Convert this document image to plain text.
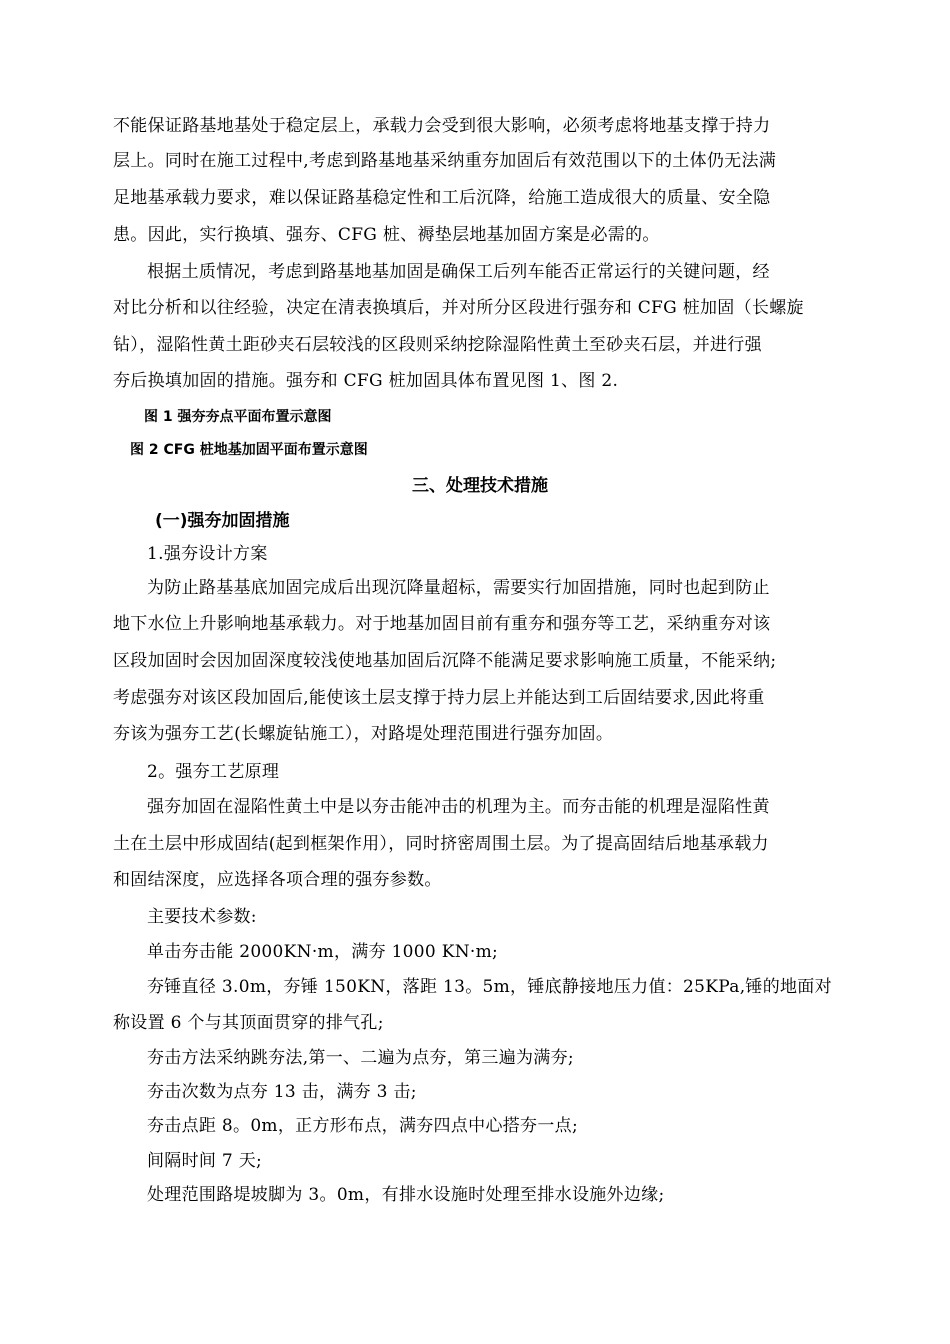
不能保证路基地基处于稳定层上，承载力会受到很大影响，必须考虑将地基支撑于持力
层上。同时在施工过程中,考虑到路基地基采纳重夯加固后有效范围以下的土体仍无法满
足地基承载力要求，难以保证路基稳定性和工后沉降，给施工造成很大的质量、安全隐
患。因此，实行换填、强夯、CFG 桩、褥垫层地基加固方案是必需的。
根据土质情况，考虑到路基地基加固是确保工后列车能否正常运行的关键问题，经
对比分析和以往经验，决定在清表换填后，并对所分区段进行强夯和 CFG 桩加固（长螺旋
钻），湿陷性黄土距砂夹石层较浅的区段则采纳挖除湿陷性黄土至砂夹石层，并进行强
夯后换填加固的措施。强夯和 CFG 桩加固具体布置见图 1、图 2.
图 1 强夯夯点平面布置示意图
图 2 CFG 桩地基加固平面布置示意图
三、处理技术措施
(一)强夯加固措施
1.强夯设计方案
为防止路基基底加固完成后出现沉降量超标，需要实行加固措施，同时也起到防止
地下水位上升影响地基承载力。对于地基加固目前有重夯和强夯等工艺，采纳重夯对该
区段加固时会因加固深度较浅使地基加固后沉降不能满足要求影响施工质量，不能采纳;
考虑强夯对该区段加固后,能使该土层支撑于持力层上并能达到工后固结要求,因此将重
夯该为强夯工艺(长螺旋钻施工），对路堤处理范围进行强夯加固。
2。强夯工艺原理
强夯加固在湿陷性黄土中是以夯击能冲击的机理为主。而夯击能的机理是湿陷性黄
土在土层中形成固结(起到框架作用），同时挤密周围土层。为了提高固结后地基承载力
和固结深度，应选择各项合理的强夯参数。
主要技术参数:
单击夯击能 2000KN·m，满夯 1000 KN·m;
夯锤直径 3.0m，夯锤 150KN，落距 13。5m，锤底静接地压力值：25KPa,锤的地面对
称设置 6 个与其顶面贯穿的排气孔;
夯击方法采纳跳夯法,第一、二遍为点夯，第三遍为满夯;
夯击次数为点夯 13 击，满夯 3 击;
夯击点距 8。0m，正方形布点，满夯四点中心搭夯一点;
间隔时间 7 天;
处理范围路堤坡脚为 3。0m，有排水设施时处理至排水设施外边缘;
